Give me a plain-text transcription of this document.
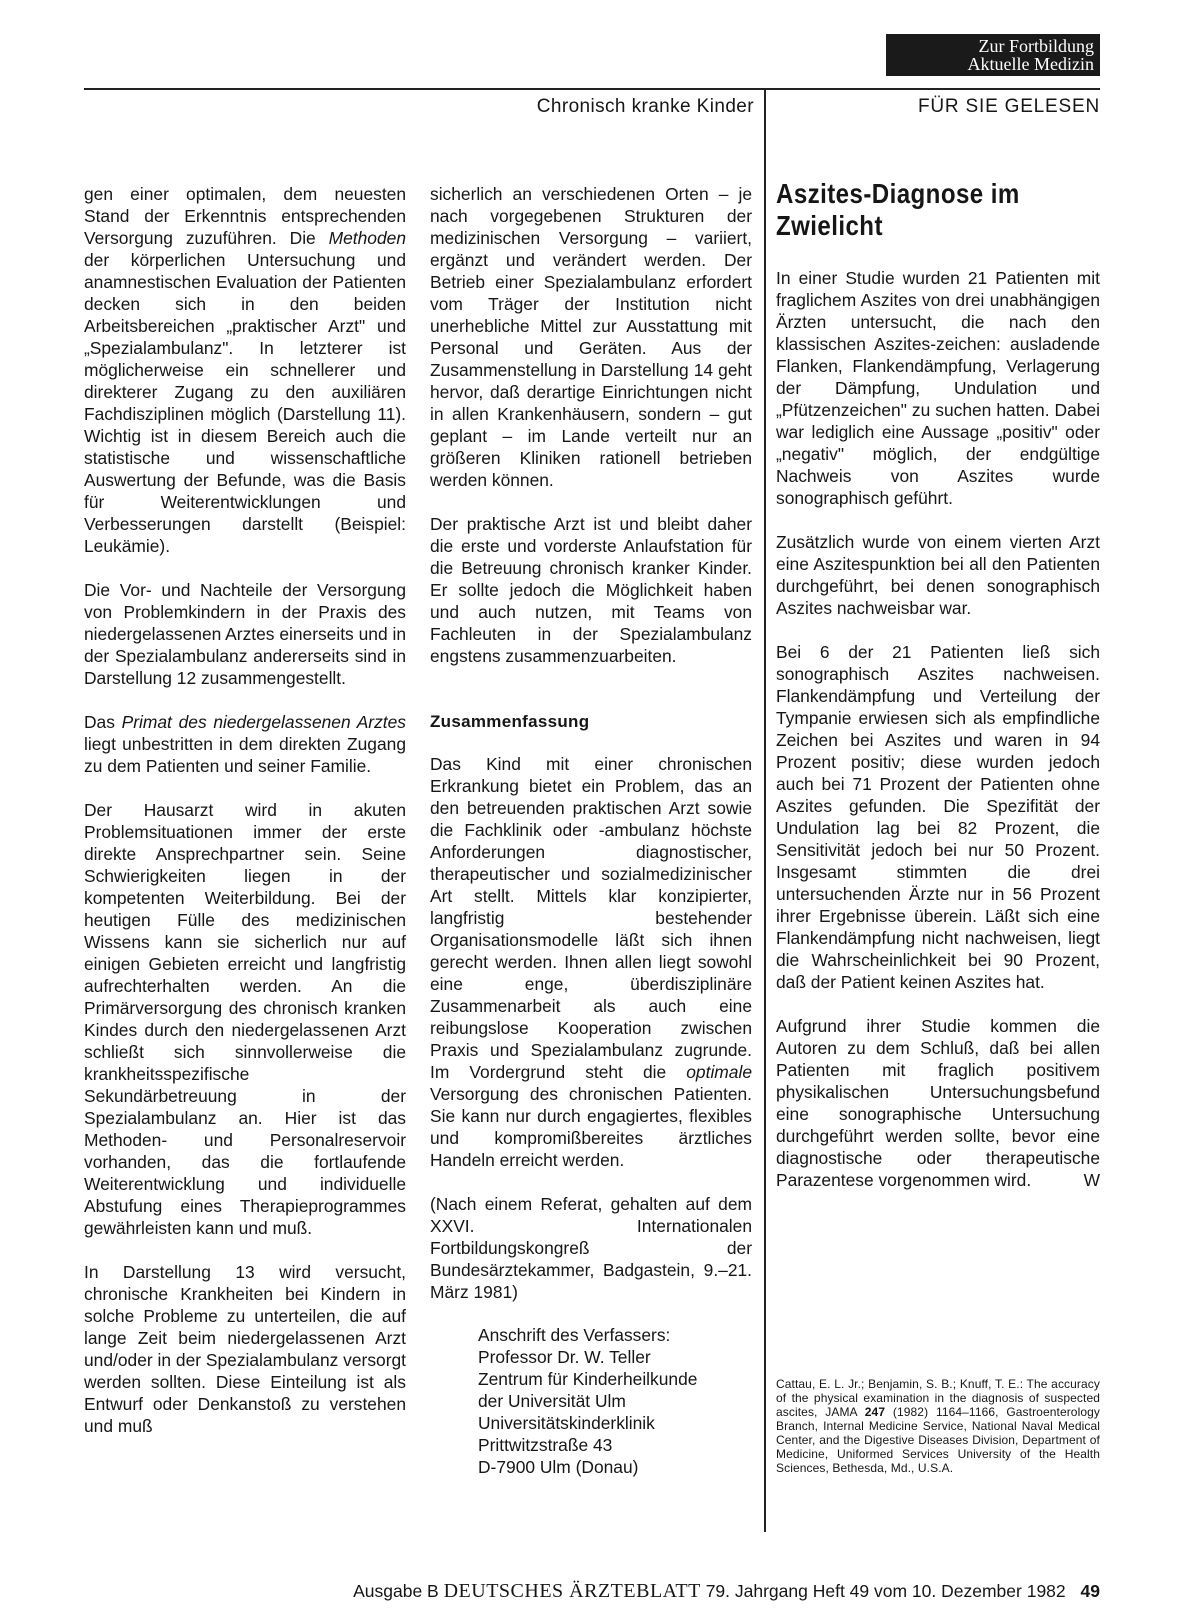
Zur Fortbildung
Aktuelle Medizin
Chronisch kranke Kinder	FÜR SIE GELESEN

gen einer optimalen, dem neuesten Stand der Erkenntnis entsprechenden Versorgung zuzuführen. Die Methoden der körperlichen Untersuchung und anamnestischen Evaluation der Patienten decken sich in den beiden Arbeitsbereichen „praktischer Arzt" und „Spezialambulanz". In letzterer ist möglicherweise ein schnellerer und direkterer Zugang zu den auxiliären Fachdisziplinen möglich (Darstellung 11). Wichtig ist in diesem Bereich auch die statistische und wissenschaftliche Auswertung der Befunde, was die Basis für Weiterentwicklungen und Verbesserungen darstellt (Beispiel: Leukämie).

Die Vor- und Nachteile der Versorgung von Problemkindern in der Praxis des niedergelassenen Arztes einerseits und in der Spezialambulanz andererseits sind in Darstellung 12 zusammengestellt.

Das Primat des niedergelassenen Arztes liegt unbestritten in dem direkten Zugang zu dem Patienten und seiner Familie.

Der Hausarzt wird in akuten Problemsituationen immer der erste direkte Ansprechpartner sein. Seine Schwierigkeiten liegen in der kompetenten Weiterbildung. Bei der heutigen Fülle des medizinischen Wissens kann sie sicherlich nur auf einigen Gebieten erreicht und langfristig aufrechterhalten werden. An die Primärversorgung des chronisch kranken Kindes durch den niedergelassenen Arzt schließt sich sinnvollerweise die krankheitsspezifische Sekundärbetreuung in der Spezialambulanz an. Hier ist das Methoden- und Personalreservoir vorhanden, das die fortlaufende Weiterentwicklung und individuelle Abstufung eines Therapieprogrammes gewährleisten kann und muß.

In Darstellung 13 wird versucht, chronische Krankheiten bei Kindern in solche Probleme zu unterteilen, die auf lange Zeit beim niedergelassenen Arzt und/oder in der Spezialambulanz versorgt werden sollten. Diese Einteilung ist als Entwurf oder Denkanstoß zu verstehen und muß

sicherlich an verschiedenen Orten – je nach vorgegebenen Strukturen der medizinischen Versorgung – variiert, ergänzt und verändert werden. Der Betrieb einer Spezialambulanz erfordert vom Träger der Institution nicht unerhebliche Mittel zur Ausstattung mit Personal und Geräten. Aus der Zusammenstellung in Darstellung 14 geht hervor, daß derartige Einrichtungen nicht in allen Krankenhäusern, sondern – gut geplant – im Lande verteilt nur an größeren Kliniken rationell betrieben werden können.

Der praktische Arzt ist und bleibt daher die erste und vorderste Anlaufstation für die Betreuung chronisch kranker Kinder. Er sollte jedoch die Möglichkeit haben und auch nutzen, mit Teams von Fachleuten in der Spezialambulanz engstens zusammenzuarbeiten.

Zusammenfassung

Das Kind mit einer chronischen Erkrankung bietet ein Problem, das an den betreuenden praktischen Arzt sowie die Fachklinik oder -ambulanz höchste Anforderungen diagnostischer, therapeutischer und sozialmedizinischer Art stellt. Mittels klar konzipierter, langfristig bestehender Organisationsmodelle läßt sich ihnen gerecht werden. Ihnen allen liegt sowohl eine enge, überdisziplinäre Zusammenarbeit als auch eine reibungslose Kooperation zwischen Praxis und Spezialambulanz zugrunde. Im Vordergrund steht die optimale Versorgung des chronischen Patienten. Sie kann nur durch engagiertes, flexibles und kompromißbereites ärztliches Handeln erreicht werden.

(Nach einem Referat, gehalten auf dem XXVI. Internationalen Fortbildungskongreß der Bundesärztekammer, Badgastein, 9.–21. März 1981)

Anschrift des Verfassers:
Professor Dr. W. Teller
Zentrum für Kinderheilkunde
der Universität Ulm
Universitätskinderklinik
Prittwitzstraße 43
D-7900 Ulm (Donau)
Aszites-Diagnose im Zwielicht

In einer Studie wurden 21 Patienten mit fraglichem Aszites von drei unabhängigen Ärzten untersucht, die nach den klassischen Aszites-zeichen: ausladende Flanken, Flankendämpfung, Verlagerung der Dämpfung, Undulation und „Pfützenzeichen" zu suchen hatten. Dabei war lediglich eine Aussage „positiv" oder „negativ" möglich, der endgültige Nachweis von Aszites wurde sonographisch geführt.

Zusätzlich wurde von einem vierten Arzt eine Aszitespunktion bei all den Patienten durchgeführt, bei denen sonographisch Aszites nachweisbar war.

Bei 6 der 21 Patienten ließ sich sonographisch Aszites nachweisen. Flankendämpfung und Verteilung der Tympanie erwiesen sich als empfindliche Zeichen bei Aszites und waren in 94 Prozent positiv; diese wurden jedoch auch bei 71 Prozent der Patienten ohne Aszites gefunden. Die Spezifität der Undulation lag bei 82 Prozent, die Sensitivität jedoch bei nur 50 Prozent. Insgesamt stimmten die drei untersuchenden Ärzte nur in 56 Prozent ihrer Ergebnisse überein. Läßt sich eine Flankendämpfung nicht nachweisen, liegt die Wahrscheinlichkeit bei 90 Prozent, daß der Patient keinen Aszites hat.

Aufgrund ihrer Studie kommen die Autoren zu dem Schluß, daß bei allen Patienten mit fraglich positivem physikalischen Untersuchungsbefund eine sonographische Untersuchung durchgeführt werden sollte, bevor eine diagnostische oder therapeutische Parazentese vorgenommen wird.	W

Cattau, E. L. Jr.; Benjamin, S. B.; Knuff, T. E.: The accuracy of the physical examination in the diagnosis of suspected ascites, JAMA 247 (1982) 1164–1166, Gastroenterology Branch, Internal Medicine Service, National Naval Medical Center, and the Digestive Diseases Division, Department of Medicine, Uniformed Services University of the Health Sciences, Bethesda, Md., U.S.A.
Ausgabe B DEUTSCHES ÄRZTEBLATT 79. Jahrgang Heft 49 vom 10. Dezember 1982 49
